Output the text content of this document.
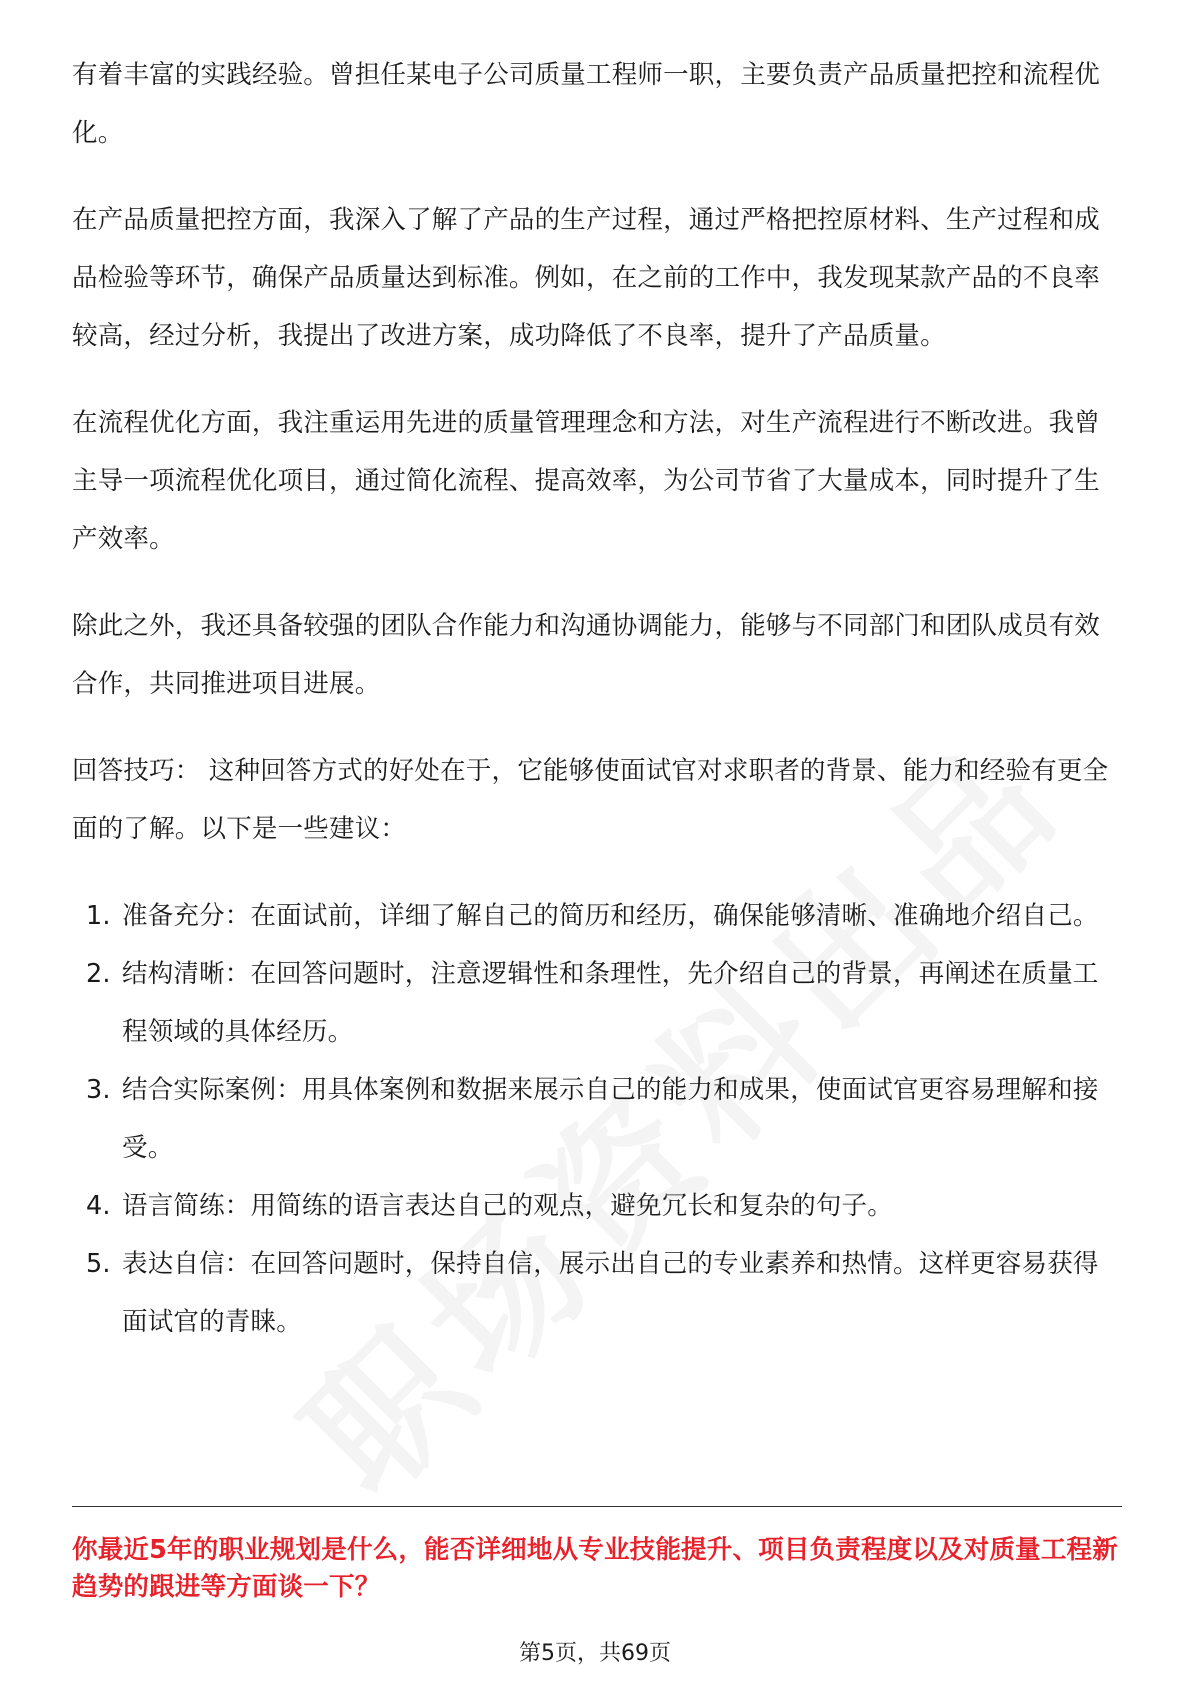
有着丰富的实践经验。曾担任某电子公司质量工程师一职，主要负责产品质量把控和流程优化。

在产品质量把控方面，我深入了解了产品的生产过程，通过严格把控原材料、生产过程和成品检验等环节，确保产品质量达到标准。例如，在之前的工作中，我发现某款产品的不良率较高，经过分析，我提出了改进方案，成功降低了不良率，提升了产品质量。

在流程优化方面，我注重运用先进的质量管理理念和方法，对生产流程进行不断改进。我曾主导一项流程优化项目，通过简化流程、提高效率，为公司节省了大量成本，同时提升了生产效率。

除此之外，我还具备较强的团队合作能力和沟通协调能力，能够与不同部门和团队成员有效合作，共同推进项目进展。

回答技巧： 这种回答方式的好处在于，它能够使面试官对求职者的背景、能力和经验有更全面的了解。以下是一些建议：

1. 准备充分：在面试前，详细了解自己的简历和经历，确保能够清晰、准确地介绍自己。
2. 结构清晰：在回答问题时，注意逻辑性和条理性，先介绍自己的背景，再阐述在质量工程领域的具体经历。
3. 结合实际案例：用具体案例和数据来展示自己的能力和成果，使面试官更容易理解和接受。
4. 语言简练：用简练的语言表达自己的观点，避免冗长和复杂的句子。
5. 表达自信：在回答问题时，保持自信，展示出自己的专业素养和热情。这样更容易获得面试官的青睐。
你最近5年的职业规划是什么，能否详细地从专业技能提升、项目负责程度以及对质量工程新趋势的跟进等方面谈一下？
第5页，共69页
